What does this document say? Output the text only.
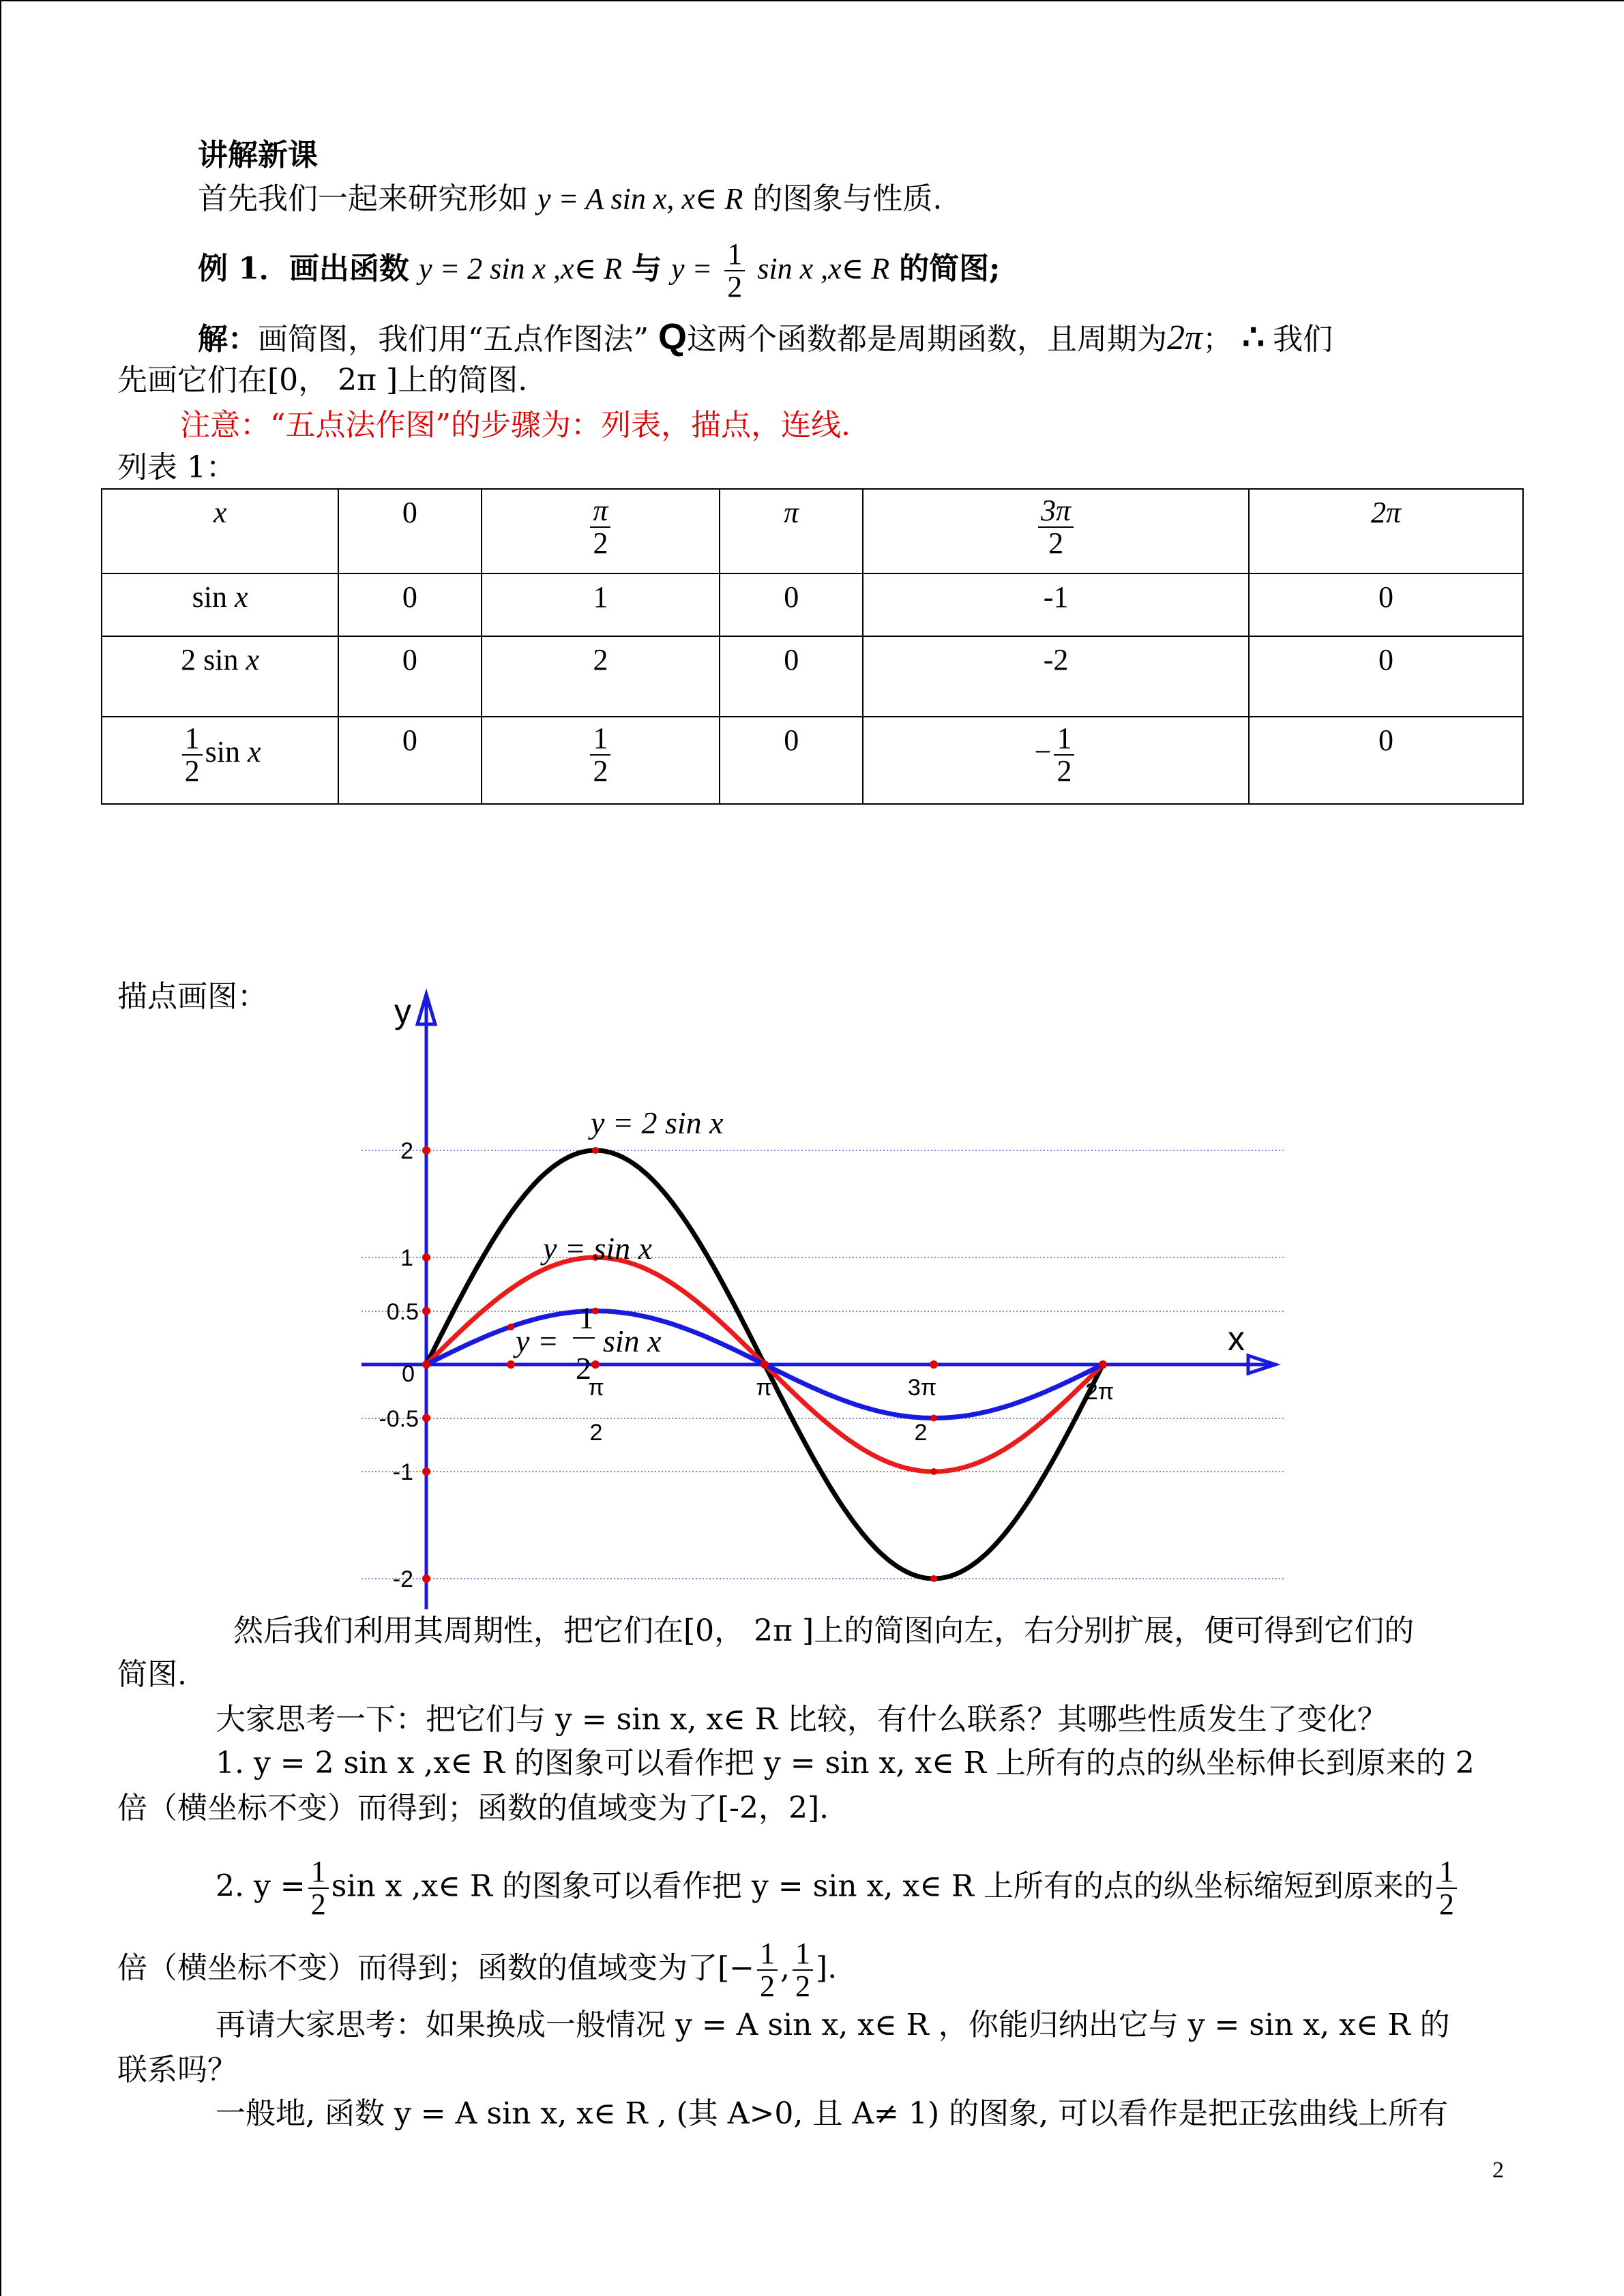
讲解新课
首先我们一起来研究形如 y = A sin x, x∈ R 的图象与性质.
例 1．画出函数 y = 2 sin x ,x∈ R 与 $y = \frac{1}{2}$ sin x ,x∈ R 的简图;
解：画简图，我们用“五点作图法” Q这两个函数都是周期函数，且周期为2π； ∴ 我们
先画它们在[0， 2π ]上的简图.
注意：“五点法作图”的步骤为：列表，描点，连线.
列表 1：
x	0	$\frac{\pi}{2}$	π	$\frac{3\pi}{2}$	2π
sin x	0	1	0	-1	0
2 sin x	0	2	0	-2	0

$\frac{1}{2}$ sin x	0	$\frac{1}{2}$	0	− $\frac{1}{2}$	0
描点画图：	y
x
2
1
0.5
0
-0.5
-1
-2
π
2
π	3π
2
2π
y = 2 sin x
y = sin x
y =
1
2
sin x
然后我们利用其周期性，把它们在[0， 2π ]上的简图向左，右分别扩展，便可得到它们的
简图.
大家思考一下：把它们与 y = sin x, x∈ R 比较，有什么联系？其哪些性质发生了变化？
1. y = 2 sin x ,x∈ R 的图象可以看作把 y = sin x, x∈ R 上所有的点的纵坐标伸长到原来的 2
倍（横坐标不变）而得到；函数的值域变为了[-2，2].
2. $y = \frac{1}{2}$ sin x ,x∈ R 的图象可以看作把 y = sin x, x∈ R 上所有的点的纵坐标缩短到原来的 $\frac{1}{2}$
倍（横坐标不变）而得到；函数的值域变为了[− $\frac{1}{2}$ , $\frac{1}{2}$ ].
再请大家思考：如果换成一般情况 y = A sin x, x∈ R ，你能归纳出它与 y = sin x, x∈ R 的
联系吗？
一般地, 函数 y = A sin x, x∈ R , (其 A>0, 且 A≠ 1) 的图象, 可以看作是把正弦曲线上所有
2
